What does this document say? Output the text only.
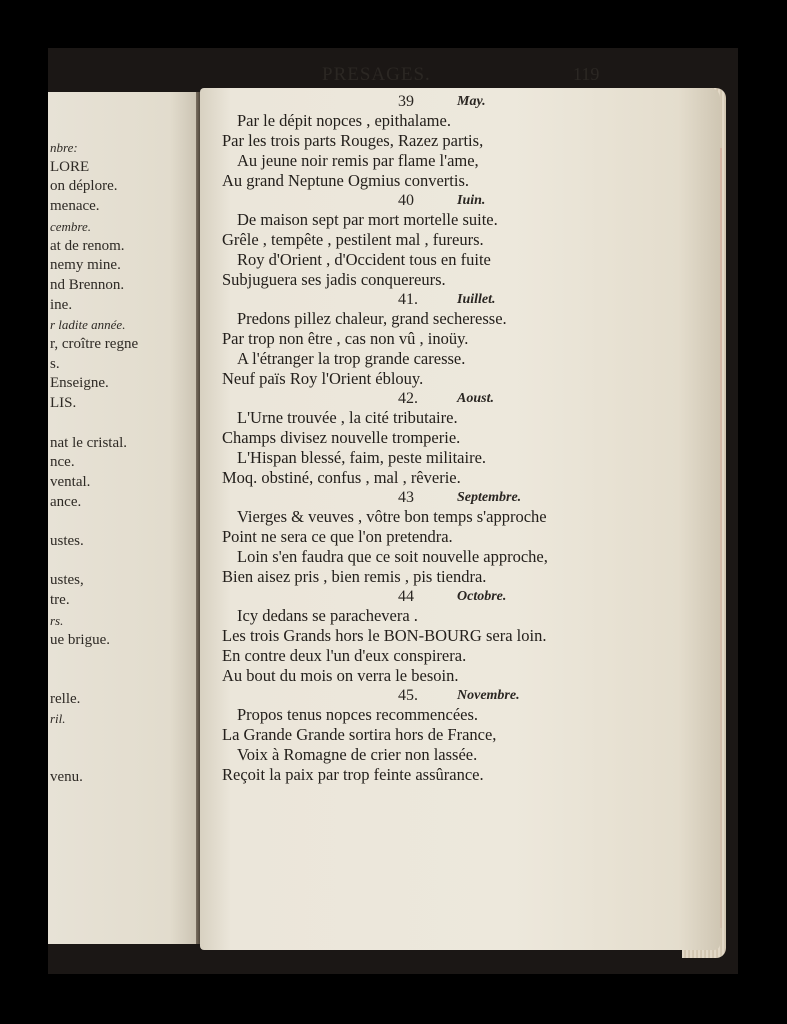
nbre:
LORE
on déplore.
menace.
cembre.
at de renom.
nemy mine.
nd Brennon.
ine.
r ladite année.
r, croître regne
s.
Enseigne.
LIS.
nat le cristal.
nce.
vental.
ance.
ustes.
ustes,
tre.
rs.
ue brigue.
relle.
ril.
venu.
PRESAGES.	119
39	May.
Par le dépit nopces , epithalame.
Par les trois parts Rouges, Razez partis,
Au jeune noir remis par flame l'ame,
Au grand Neptune Ogmius convertis.
40	Iuin.
De maison sept par mort mortelle suite.
Grêle , tempête , pestilent mal , fureurs.
Roy d'Orient , d'Occident tous en fuite
Subjuguera ses jadis conquereurs.
41.	Iuillet.
Predons pillez chaleur, grand secheresse.
Par trop non être , cas non vû , inoüy.
A l'étranger la trop grande caresse.
Neuf païs Roy l'Orient éblouy.
42.	Aoust.
L'Urne trouvée , la cité tributaire.
Champs divisez nouvelle tromperie.
L'Hispan blessé, faim, peste militaire.
Moq. obstiné, confus , mal , rêverie.
43	Septembre.
Vierges & veuves , vôtre bon temps s'approche
Point ne sera ce que l'on pretendra.
Loin s'en faudra que ce soit nouvelle approche,
Bien aisez pris , bien remis , pis tiendra.
44	Octobre.
Icy dedans se parachevera .
Les trois Grands hors le BON-BOURG sera loin.
En contre deux l'un d'eux conspirera.
Au bout du mois on verra le besoin.
45.	Novembre.
Propos tenus nopces recommencées.
La Grande Grande sortira hors de France,
Voix à Romagne de crier non lassée.
Reçoit la paix par trop feinte assûrance.
